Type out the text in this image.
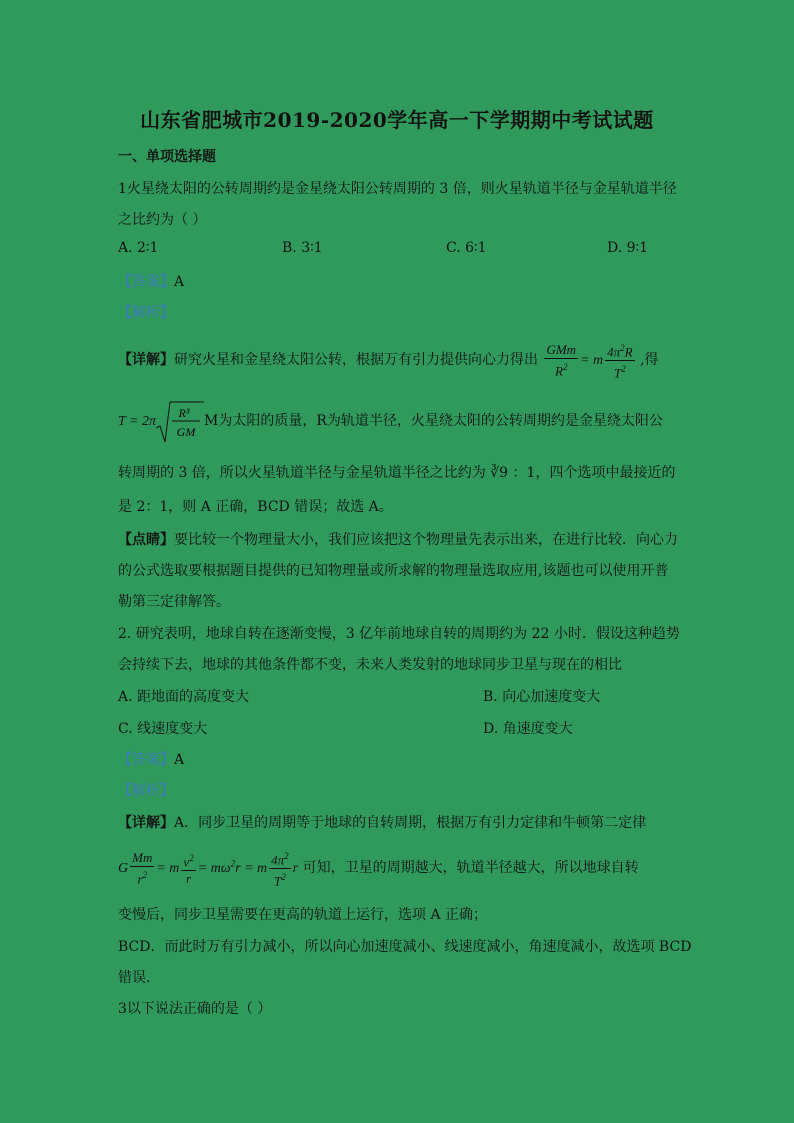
山东省肥城市2019-2020学年高一下学期期中考试试题
一、单项选择题
1火星绕太阳的公转周期约是金星绕太阳公转周期的 3 倍，则火星轨道半径与金星轨道半径
之比约为（ ）
A. 2∶1	B. 3∶1	C. 6∶1	D. 9∶1
【答案】A
【解析】
【详解】研究火星和金星绕太阳公转，根据万有引力提供向心力得出 $\frac{\text{GMm}}{R^2} = m \frac{4\pi^2R}{T^2}$ ,得
T = 2π
R³
GM
M为太阳的质量，R为轨道半径，火星绕太阳的公转周期约是金星绕太阳公
转周期的 3 倍，所以火星轨道半径与金星轨道半径之比约为 ∛9 ：1，四个选项中最接近的
是 2：1，则 A 正确，BCD 错误；故选 A。
【点睛】要比较一个物理量大小，我们应该把这个物理量先表示出来，在进行比较．向心力
的公式选取要根据题目提供的已知物理量或所求解的物理量选取应用,该题也可以使用开普
勒第三定律解答。
2. 研究表明，地球自转在逐渐变慢，3 亿年前地球自转的周期约为 22 小时．假设这种趋势
会持续下去，地球的其他条件都不变，未来人类发射的地球同步卫星与现在的相比
A. 距地面的高度变大	B. 向心加速度变大
C. 线速度变大	D. 角速度变大
【答案】A
【解析】
【详解】A．同步卫星的周期等于地球的自转周期，根据万有引力定律和牛顿第二定律
G $\frac{Mm}{r^2} = m \frac{v^2}{r} = m\omega^2r = m \frac{4\pi^2}{T^2}$ r 可知，卫星的周期越大，轨道半径越大，所以地球自转
变慢后，同步卫星需要在更高的轨道上运行，选项 A 正确；
BCD．而此时万有引力减小，所以向心加速度减小、线速度减小，角速度减小，故选项 BCD
错误．
3以下说法正确的是（ ）
